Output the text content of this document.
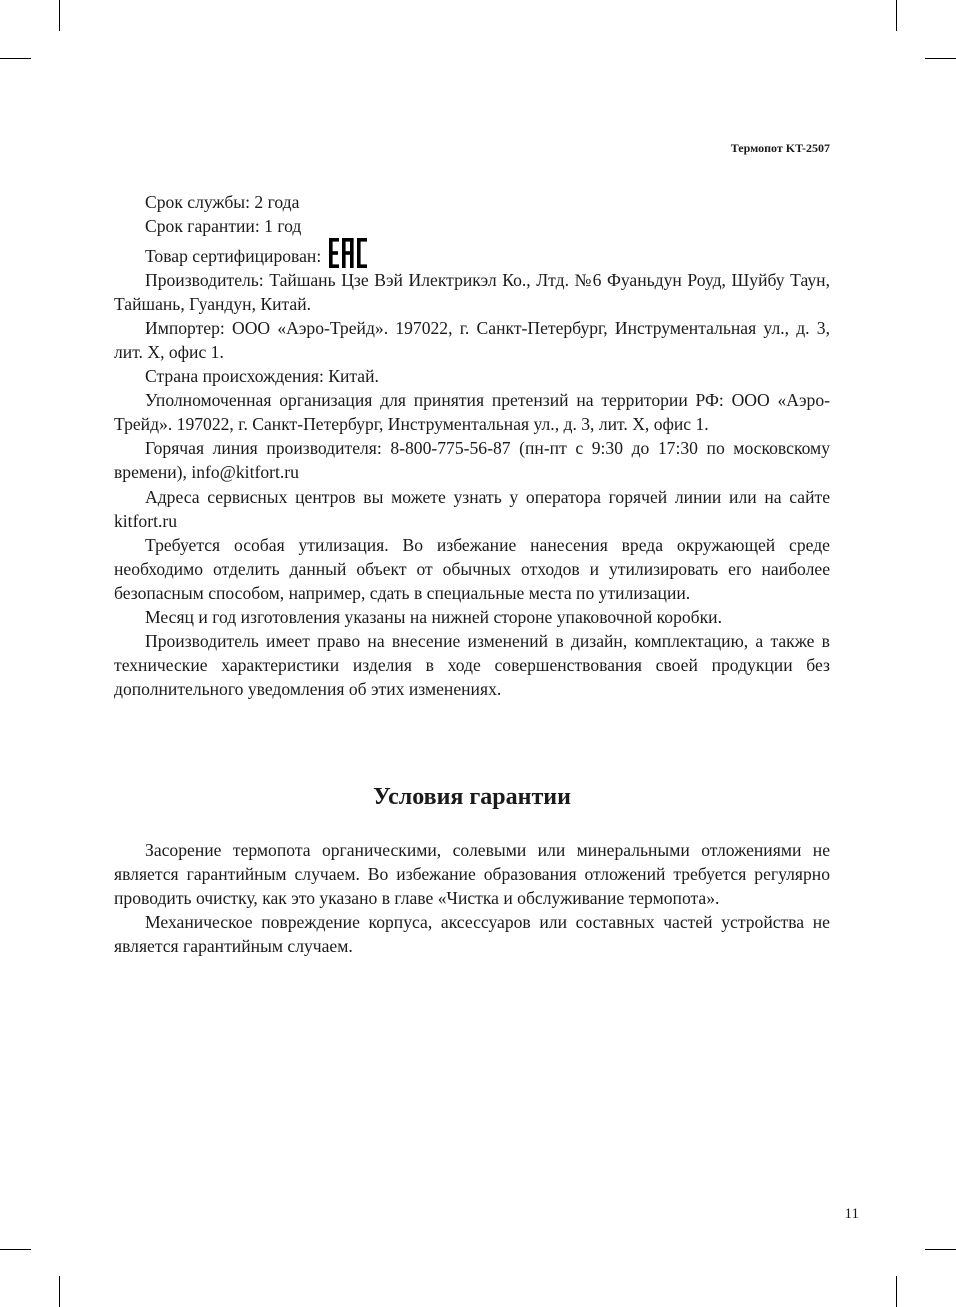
Термопот KT-2507

Срок службы: 2 года

Срок гарантии: 1 год

Товар сертифицирован:

Производитель: Тайшань Цзе Вэй Илектрикэл Ко., Лтд. №6 Фуаньдун Роуд, Шуйбу Таун, Тайшань, Гуандун, Китай.

Импортер: ООО «Аэро-Трейд». 197022, г. Санкт-Петербург, Инструментальная ул., д. 3, лит. Х, офис 1.

Страна происхождения: Китай.

Уполномоченная организация для принятия претензий на территории РФ: ООО «Аэро-Трейд». 197022, г. Санкт-Петербург, Инструментальная ул., д. 3, лит. Х, офис 1.

Горячая линия производителя: 8-800-775-56-87 (пн-пт с 9:30 до 17:30 по московскому времени), info@kitfort.ru

Адреса сервисных центров вы можете узнать у оператора горячей линии или на сайте kitfort.ru

Требуется особая утилизация. Во избежание нанесения вреда окружающей среде необходимо отделить данный объект от обычных отходов и утилизировать его наиболее безопасным способом, например, сдать в специальные места по утилизации.

Месяц и год изготовления указаны на нижней стороне упаковочной коробки.

Производитель имеет право на внесение изменений в дизайн, комплектацию, а также в технические характеристики изделия в ходе совершенствования своей продукции без дополнительного уведомления об этих изменениях.

Условия гарантии

Засорение термопота органическими, солевыми или минеральными отложениями не является гарантийным случаем. Во избежание образования отложений требуется регулярно проводить очистку, как это указано в главе «Чистка и обслуживание термопота».

Механическое повреждение корпуса, аксессуаров или составных частей устройства не является гарантийным случаем.

11
